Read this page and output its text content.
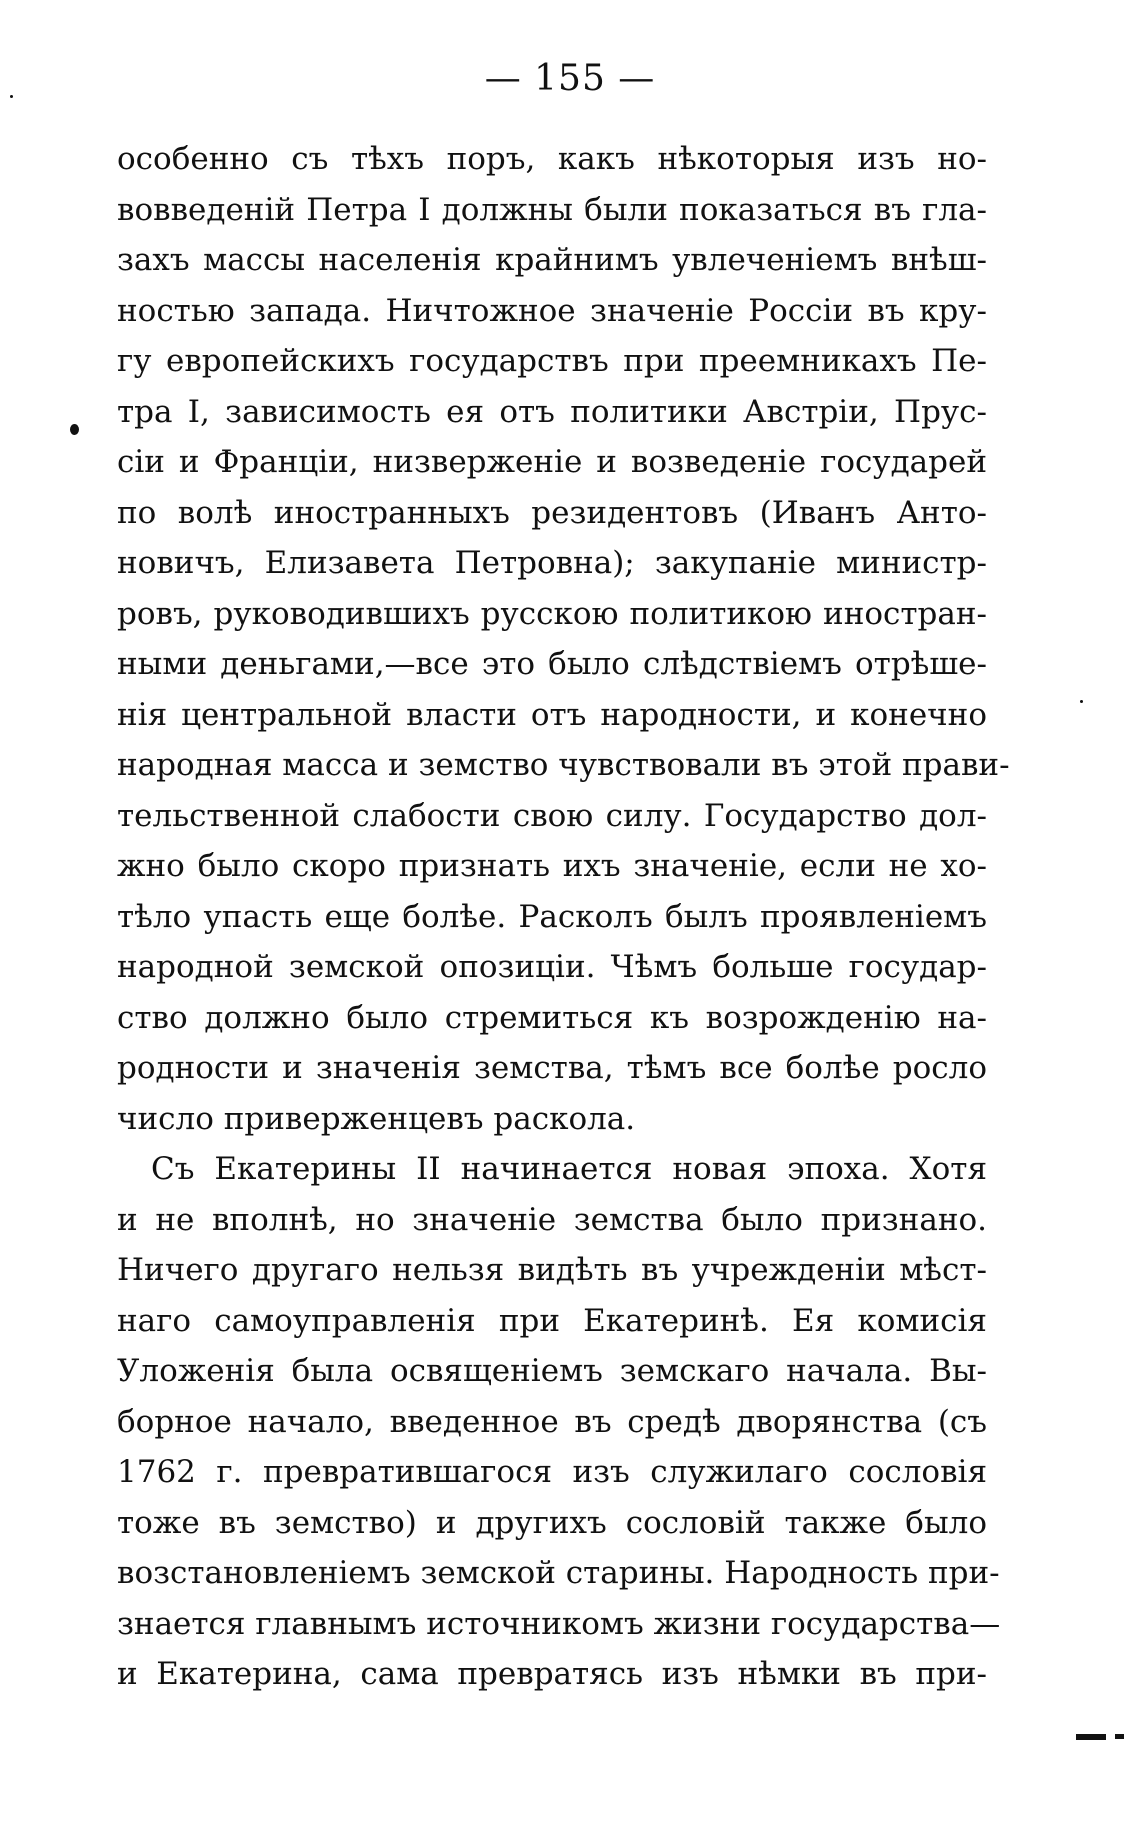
— 155 —

особенно съ тѣхъ поръ, какъ нѣкоторыя изъ но-
вовведеній Петра I должны были показаться въ гла-
захъ массы населенія крайнимъ увлеченіемъ внѣш-
ностью запада. Ничтожное значеніе Россіи въ кру-
гу европейскихъ государствъ при преемникахъ Пе-
тра I, зависимость ея отъ политики Австріи, Прус-
сіи и Франціи, низверженіе и возведеніе государей
по волѣ иностранныхъ резидентовъ (Иванъ Анто-
новичъ, Елизавета Петровна); закупаніе министр-
ровъ, руководившихъ русскою политикою иностран-
ными деньгами,—все это было слѣдствіемъ отрѣше-
нія центральной власти отъ народности, и конечно
народная масса и земство чувствовали въ этой прави-
тельственной слабости свою силу. Государство дол-
жно было скоро признать ихъ значеніе, если не хо-
тѣло упасть еще болѣе. Расколъ былъ проявленіемъ
народной земской опозиціи. Чѣмъ больше государ-
ство должно было стремиться къ возрожденію на-
родности и значенія земства, тѣмъ все болѣе росло
число приверженцевъ раскола.

Съ Екатерины II начинается новая эпоха. Хотя
и не вполнѣ, но значеніе земства было признано.
Ничего другаго нельзя видѣть въ учрежденіи мѣст-
наго самоуправленія при Екатеринѣ. Ея комисія
Уложенія была освященіемъ земскаго начала. Вы-
борное начало, введенное въ средѣ дворянства (съ
1762 г. превратившагося изъ служилаго сословія
тоже въ земство) и другихъ сословій также было
возстановленіемъ земской старины. Народность при-
знается главнымъ источникомъ жизни государства—
и Екатерина, сама превратясь изъ нѣмки въ при-
